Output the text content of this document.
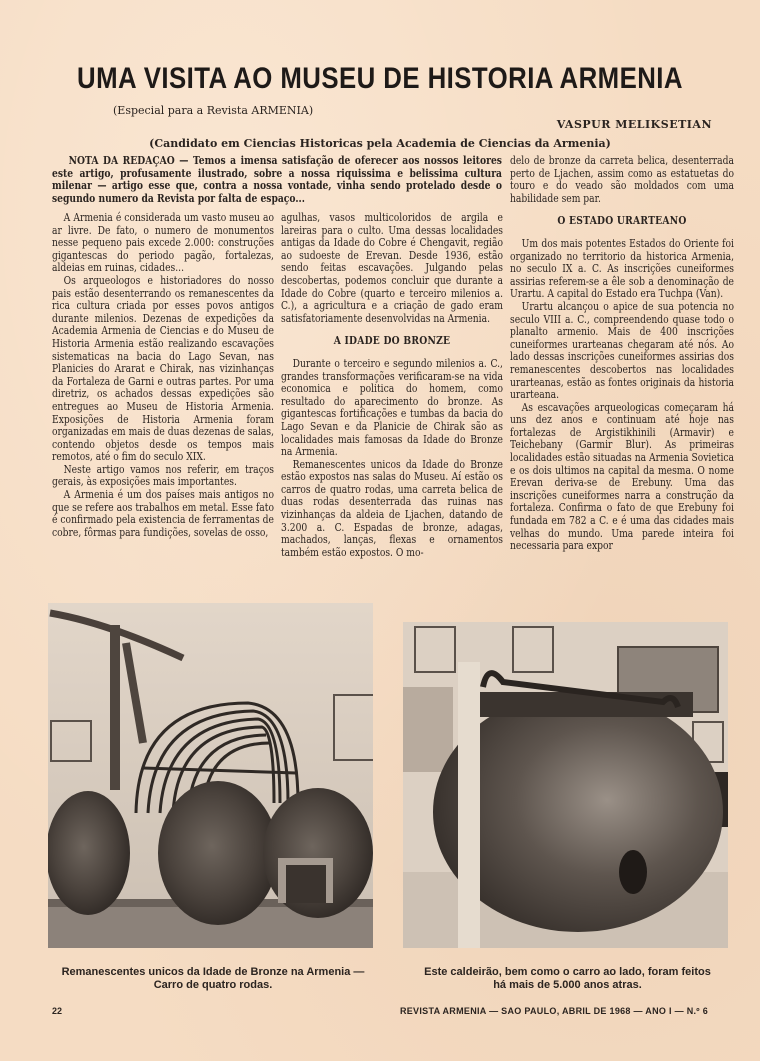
UMA VISITA AO MUSEU DE HISTORIA ARMENIA
(Especial para a Revista ARMENIA)
VASPUR MELIKSETIAN
(Candidato em Ciencias Historicas pela Academia de Ciencias da Armenia)
NOTA DA REDAÇAO — Temos a imensa satisfação de oferecer aos nossos leitores este artigo, profusamente ilustrado, sobre a nossa riquissima e belissima cultura milenar — artigo esse que, contra a nossa vontade, vinha sendo protelado desde o segundo numero da Revista por falta de espaço...

A Armenia é considerada um vasto museu ao ar livre. De fato, o numero de monumentos nesse pequeno pais excede 2.000: construções gigantescas do periodo pagão, fortalezas, aldeias em ruinas, cidades...

Os arqueologos e historiadores do nosso pais estão desenterrando os remanescentes da rica cultura criada por esses povos antigos durante milenios. Dezenas de expedições da Academia Armenia de Ciencias e do Museu de Historia Armenia estão realizando escavações sistematicas na bacia do Lago Sevan, nas Planicies do Ararat e Chirak, nas vizinhanças da Fortaleza de Garni e outras partes. Por uma diretriz, os achados dessas expedições são entregues ao Museu de Historia Armenia. Exposições de Historia Armenia foram organizadas em mais de duas dezenas de salas, contendo objetos desde os tempos mais remotos, até o fim do seculo XIX.

Neste artigo vamos nos referir, em traços gerais, às exposições mais importantes.

A Armenia é um dos países mais antigos no que se refere aos trabalhos em metal. Esse fato é confirmado pela existencia de ferramentas de cobre, fôrmas para fundições, sovelas de osso,

agulhas, vasos multicoloridos de argila e lareiras para o culto. Uma dessas localidades antigas da Idade do Cobre é Chengavit, região ao sudoeste de Erevan. Desde 1936, estão sendo feitas escavações. Julgando pelas descobertas, podemos concluir que durante a Idade do Cobre (quarto e terceiro milenios a. C.), a agricultura e a criação de gado eram satisfatoriamente desenvolvidas na Armenia.

A IDADE DO BRONZE

Durante o terceiro e segundo milenios a. C., grandes transformações verificaram-se na vida economica e politica do homem, como resultado do aparecimento do bronze. As gigantescas fortificações e tumbas da bacia do Lago Sevan e da Planicie de Chirak são as localidades mais famosas da Idade do Bronze na Armenia.

Remanescentes unicos da Idade do Bronze estão expostos nas salas do Museu. Aí estão os carros de quatro rodas, uma carreta belica de duas rodas desenterrada das ruinas nas vizinhanças da aldeia de Ljachen, datando de 3.200 a. C. Espadas de bronze, adagas, machados, lanças, flexas e ornamentos também estão expostos. O mo-

delo de bronze da carreta belica, desenterrada perto de Ljachen, assim como as estatuetas do touro e do veado são moldados com uma habilidade sem par.

O ESTADO URARTEANO

Um dos mais potentes Estados do Oriente foi organizado no territorio da historica Armenia, no seculo IX a. C. As inscrições cuneiformes assirias referem-se a êle sob a denominação de Urartu. A capital do Estado era Tuchpa (Van).

Urartu alcançou o apice de sua potencia no seculo VIII a. C., compreendendo quase todo o planalto armenio. Mais de 400 inscrições cuneiformes urarteanas chegaram até nós. Ao lado dessas inscrições cuneiformes assirias dos remanescentes descobertos nas localidades urarteanas, estão as fontes originais da historia urarteana.

As escavações arqueologicas começaram há uns dez anos e continuam até hoje nas fortalezas de Argistikhinili (Armavir) e Teichebany (Garmir Blur). As primeiras localidades estão situadas na Armenia Sovietica e os dois ultimos na capital da mesma. O nome Erevan deriva-se de Erebuny. Uma das inscrições cuneiformes narra a construção da fortaleza. Confirma o fato de que Erebuny foi fundada em 782 a C. e é uma das cidades mais velhas do mundo. Uma parede inteira foi necessaria para expor

Remanescentes unicos da Idade de Bronze na Armenia —
Carro de quatro rodas.
Este caldeirão, bem como o carro ao lado, foram feitos
há mais de 5.000 anos atras.
22	REVISTA ARMENIA — SAO PAULO, ABRIL DE 1968 — ANO I — N.º 6
